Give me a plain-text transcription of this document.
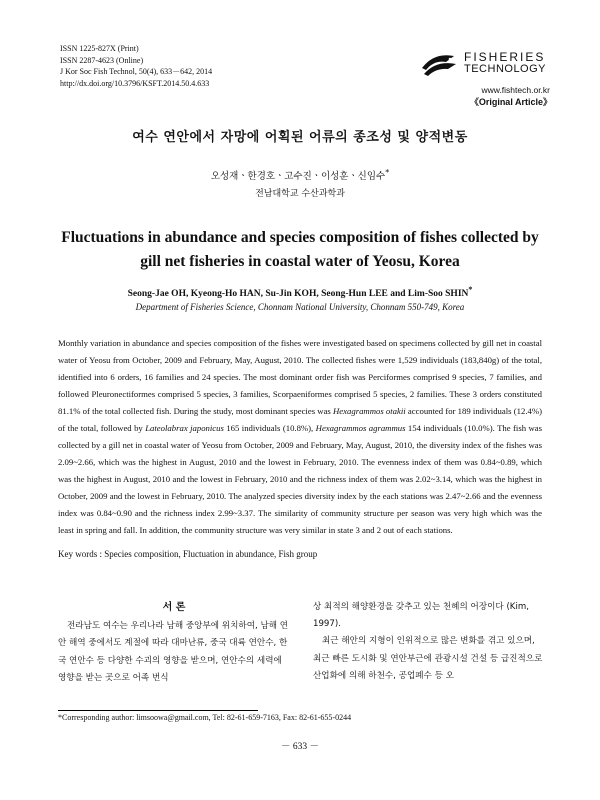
ISSN 1225-827X (Print)
ISSN 2287-4623 (Online)
J Kor Soc Fish Technol, 50(4), 633－642, 2014
http://dx.doi.org/10.3796/KSFT.2014.50.4.633
FISHERIES
TECHNOLOGY
www.fishtech.or.kr
《Original Article》
여수 연안에서 자망에 어획된 어류의 종조성 및 양적변동
오성재ㆍ한경호ㆍ고수진ㆍ이성훈ㆍ신임수*
전남대학교 수산과학과
Fluctuations in abundance and species composition of fishes collected by gill net fisheries in coastal water of Yeosu, Korea
Seong-Jae OH, Kyeong-Ho HAN, Su-Jin KOH, Seong-Hun LEE and Lim-Soo SHIN*
Department of Fisheries Science, Chonnam National University, Chonnam 550-749, Korea
Monthly variation in abundance and species composition of the fishes were investigated based on specimens collected by gill net in coastal water of Yeosu from October, 2009 and February, May, August, 2010. The collected fishes were 1,529 individuals (183,840g) of the total, identified into 6 orders, 16 families and 24 species. The most dominant order fish was Perciformes comprised 9 species, 7 families, and followed Pleuronectiformes comprised 5 species, 3 families, Scorpaeniformes comprised 5 species, 2 families. These 3 orders constituted 81.1% of the total collected fish. During the study, most dominant species was Hexagrammos otakii accounted for 189 individuals (12.4%) of the total, followed by Lateolabrax japonicus 165 individuals (10.8%), Hexagrammos agrammus 154 individuals (10.0%). The fish was collected by a gill net in coastal water of Yeosu from October, 2009 and February, May, August, 2010, the diversity index of the fishes was 2.09~2.66, which was the highest in August, 2010 and the lowest in February, 2010. The evenness index of them was 0.84~0.89, which was the highest in August, 2010 and the lowest in February, 2010 and the richness index of them was 2.02~3.14, which was the highest in October, 2009 and the lowest in February, 2010. The analyzed species diversity index by the each stations was 2.47~2.66 and the evenness index was 0.84~0.90 and the richness index 2.99~3.37. The similarity of community structure per season was very high which was the least in spring and fall. In addition, the community structure was very similar in state 3 and 2 out of each stations.
Key words : Species composition, Fluctuation in abundance, Fish group
서 론

전라남도 여수는 우리나라 남해 중앙부에 위치하여, 남해 연안 해역 중에서도 계절에 따라 대마난류, 중국 대륙 연안수, 한국 연안수 등 다양한 수괴의 영향을 받으며, 연안수의 세력에 영향을 받는 곳으로 어족 번식

상 최적의 해양환경을 갖추고 있는 천혜의 어장이다 (Kim, 1997).

최근 해안의 지형이 인위적으로 많은 변화를 겪고 있으며, 최근 빠른 도시화 및 연안부근에 관광시설 건설 등 급진적으로 산업화에 의해 하천수, 공업폐수 등 오

*Corresponding author: limsoowa@gmail.com, Tel: 82-61-659-7163, Fax: 82-61-655-0244
－ 633 －
